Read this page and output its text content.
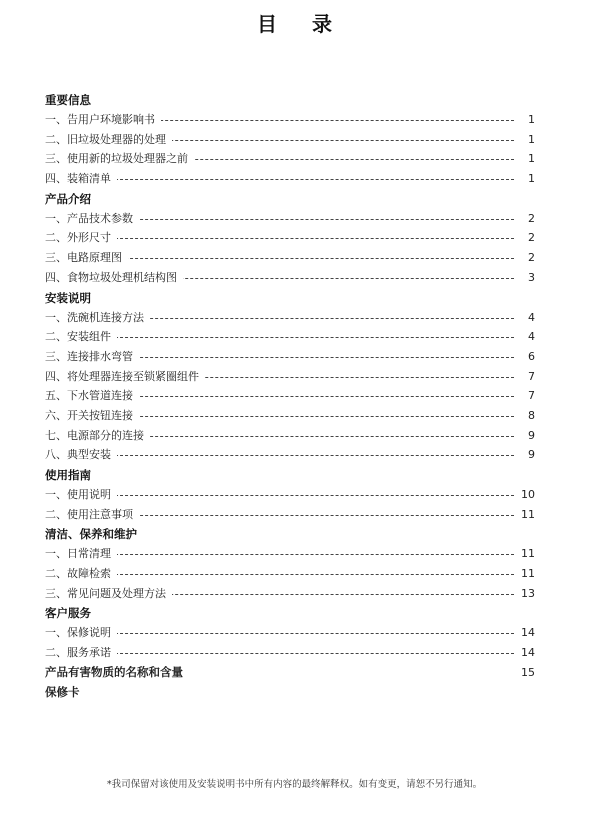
目 录
重要信息
一、告用户环境影响书	1
二、旧垃圾处理器的处理	1
三、使用新的垃圾处理器之前	1
四、装箱清单	1
产品介绍
一、产品技术参数	2
二、外形尺寸	2
三、电路原理图	2
四、食物垃圾处理机结构图	3
安装说明
一、洗碗机连接方法	4
二、安装组件	4
三、连接排水弯管	6
四、将处理器连接至锁紧圈组件	7
五、下水管道连接	7
六、开关按钮连接	8
七、电源部分的连接	9
八、典型安装	9
使用指南
一、使用说明	10
二、使用注意事项	11
清洁、保养和维护
一、日常清理	11
二、故障检索	11
三、常见问题及处理方法	13
客户服务
一、保修说明	14
二、服务承诺	14
产品有害物质的名称和含量	15
保修卡
*我司保留对该使用及安装说明书中所有内容的最终解释权。如有变更，请恕不另行通知。
